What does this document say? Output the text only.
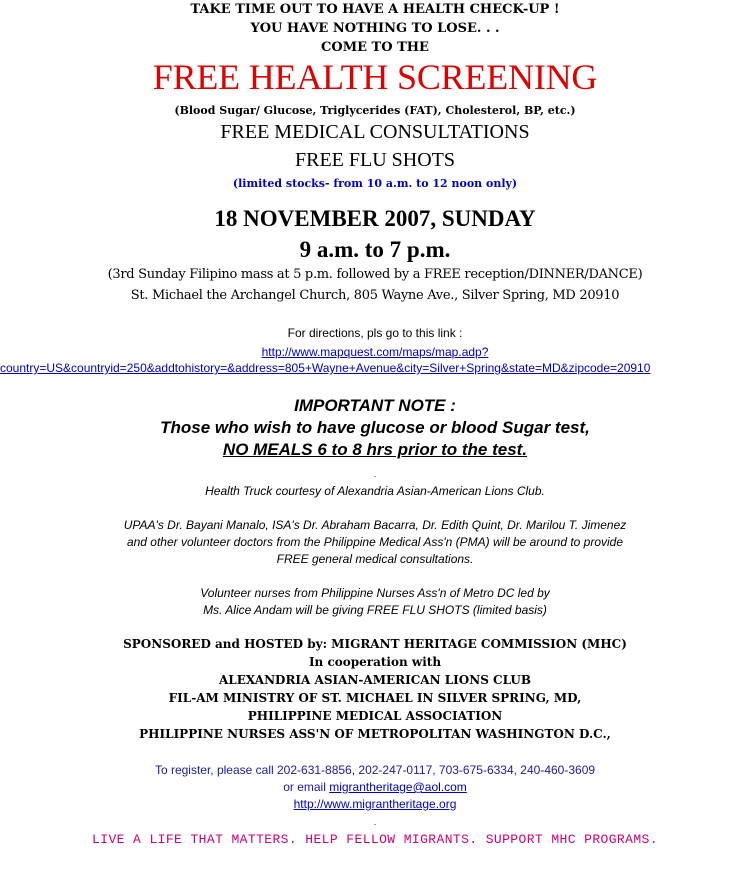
TAKE TIME OUT TO HAVE A HEALTH CHECK-UP !
YOU HAVE NOTHING TO LOSE. . .
COME TO THE
FREE HEALTH SCREENING
(Blood Sugar/ Glucose, Triglycerides (FAT), Cholesterol, BP, etc.)
FREE MEDICAL CONSULTATIONS
FREE FLU SHOTS
(limited stocks- from 10 a.m. to 12 noon only)
18 NOVEMBER 2007, SUNDAY
9 a.m. to 7 p.m.
(3rd Sunday Filipino mass at 5 p.m. followed by a FREE reception/DINNER/DANCE)
St. Michael the Archangel Church, 805 Wayne Ave., Silver Spring, MD 20910
For directions, pls go to this link :
http://www.mapquest.com/maps/map.adp?
country=US&countryid=250&addtohistory=&address=805+Wayne+Avenue&city=Silver+Spring&state=MD&zipcode=20910
IMPORTANT NOTE :
Those who wish to have glucose or blood Sugar test,
NO MEALS 6 to 8 hrs prior to the test.
.
Health Truck courtesy of Alexandria Asian-American Lions Club.
UPAA's Dr. Bayani Manalo, ISA's Dr. Abraham Bacarra, Dr. Edith Quint, Dr. Marilou T. Jimenez
and other volunteer doctors from the Philippine Medical Ass'n (PMA) will be around to provide
FREE general medical consultations.
Volunteer nurses from Philippine Nurses Ass'n of Metro DC led by
Ms. Alice Andam will be giving FREE FLU SHOTS (limited basis)
SPONSORED and HOSTED by: MIGRANT HERITAGE COMMISSION (MHC)
In cooperation with
ALEXANDRIA ASIAN-AMERICAN LIONS CLUB
FIL-AM MINISTRY OF ST. MICHAEL IN SILVER SPRING, MD,
PHILIPPINE MEDICAL ASSOCIATION
PHILIPPINE NURSES ASS'N OF METROPOLITAN WASHINGTON D.C.,
To register, please call 202-631-8856, 202-247-0117, 703-675-6334, 240-460-3609
or email migrantheritage@aol.com
http://www.migrantheritage.org
.
LIVE A LIFE THAT MATTERS. HELP FELLOW MIGRANTS. SUPPORT MHC PROGRAMS.
